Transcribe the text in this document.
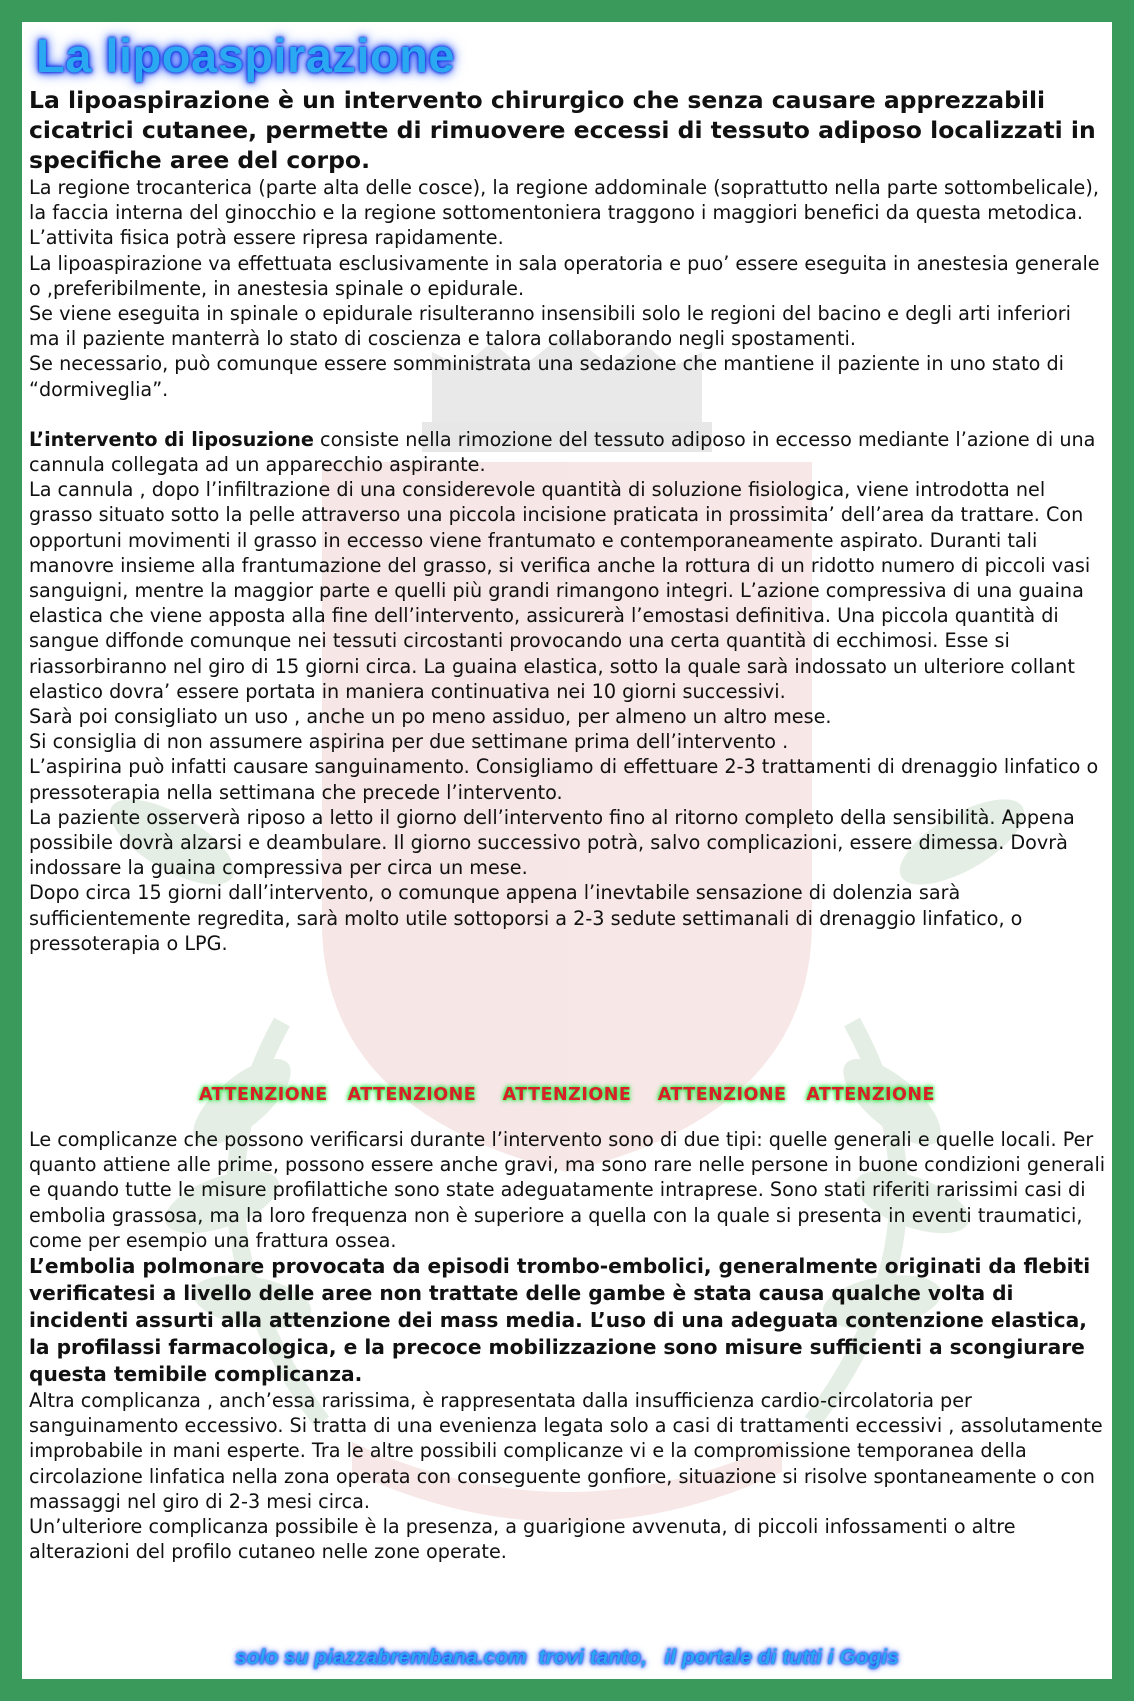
La lipoaspirazione

La lipoaspirazione è un intervento chirurgico che senza causare apprezzabili cicatrici cutanee, permette di rimuovere eccessi di tessuto adiposo localizzati in specifiche aree del corpo.

La regione trocanterica (parte alta delle cosce), la regione addominale (soprattutto nella parte sottombelicale), la faccia interna del ginocchio e la regione sottomentoniera traggono i maggiori benefici da questa metodica. L’attivita fisica potrà essere ripresa rapidamente.

La lipoaspirazione va effettuata esclusivamente in sala operatoria e puo’ essere eseguita in anestesia generale o ,preferibilmente, in anestesia spinale o epidurale.

Se viene eseguita in spinale o epidurale risulteranno insensibili solo le regioni del bacino e degli arti inferiori ma il paziente manterrà lo stato di coscienza e talora collaborando negli spostamenti.

Se necessario, può comunque essere somministrata una sedazione che mantiene il paziente in uno stato di “dormiveglia”.

L’intervento di liposuzione consiste nella rimozione del tessuto adiposo in eccesso mediante l’azione di una cannula collegata ad un apparecchio aspirante.

La cannula , dopo l’infiltrazione di una considerevole quantità di soluzione fisiologica, viene introdotta nel grasso situato sotto la pelle attraverso una piccola incisione praticata in prossimita’ dell’area da trattare. Con opportuni movimenti il grasso in eccesso viene frantumato e contemporaneamente aspirato. Duranti tali manovre insieme alla frantumazione del grasso, si verifica anche la rottura di un ridotto numero di piccoli vasi sanguigni, mentre la maggior parte e quelli più grandi rimangono integri. L’azione compressiva di una guaina elastica che viene apposta alla fine dell’intervento, assicurerà l’emostasi definitiva. Una piccola quantità di sangue diffonde comunque nei tessuti circostanti provocando una certa quantità di ecchimosi. Esse si riassorbiranno nel giro di 15 giorni circa. La guaina elastica, sotto la quale sarà indossato un ulteriore collant elastico dovra’ essere portata in maniera continuativa nei 10 giorni successivi.

Sarà poi consigliato un uso , anche un po meno assiduo, per almeno un altro mese.

Si consiglia di non assumere aspirina per due settimane prima dell’intervento .

L’aspirina può infatti causare sanguinamento. Consigliamo di effettuare 2-3 trattamenti di drenaggio linfatico o pressoterapia nella settimana che precede l’intervento.

La paziente osserverà riposo a letto il giorno dell’intervento fino al ritorno completo della sensibilità. Appena possibile dovrà alzarsi e deambulare. Il giorno successivo potrà, salvo complicazioni, essere dimessa. Dovrà indossare la guaina compressiva per circa un mese.

Dopo circa 15 giorni dall’intervento, o comunque appena l’inevtabile sensazione di dolenzia sarà sufficientemente regredita, sarà molto utile sottoporsi a 2-3 sedute settimanali di drenaggio linfatico, o pressoterapia o LPG.

ATTENZIONE   ATTENZIONE    ATTENZIONE    ATTENZIONE   ATTENZIONE

Le complicanze che possono verificarsi durante l’intervento sono di due tipi: quelle generali e quelle locali. Per quanto attiene alle prime, possono essere anche gravi, ma sono rare nelle persone in buone condizioni generali e quando tutte le misure profilattiche sono state adeguatamente intraprese. Sono stati riferiti rarissimi casi di embolia grassosa, ma la loro frequenza non è superiore a quella con la quale si presenta in eventi traumatici, come per esempio una frattura ossea.

L’embolia polmonare provocata da episodi trombo-embolici, generalmente originati da flebiti verificatesi a livello delle aree non trattate delle gambe è stata causa qualche volta di incidenti assurti alla attenzione dei mass media. L’uso di una adeguata contenzione elastica, la profilassi farmacologica, e la precoce mobilizzazione sono misure sufficienti a scongiurare questa temibile complicanza.

Altra complicanza , anch’essa rarissima, è rappresentata dalla insufficienza cardio-circolatoria per sanguinamento eccessivo. Si tratta di una evenienza legata solo a casi di trattamenti eccessivi , assolutamente improbabile in mani esperte. Tra le altre possibili complicanze vi e la compromissione temporanea della circolazione linfatica nella zona operata con conseguente gonfiore, situazione si risolve spontaneamente o con massaggi nel giro di 2-3 mesi circa.

Un’ulteriore complicanza possibile è la presenza, a guarigione avvenuta, di piccoli infossamenti o altre alterazioni del profilo cutaneo nelle zone operate.

solo su piazzabrembana.com  trovi tanto,   il portale di tutti i Gogis
